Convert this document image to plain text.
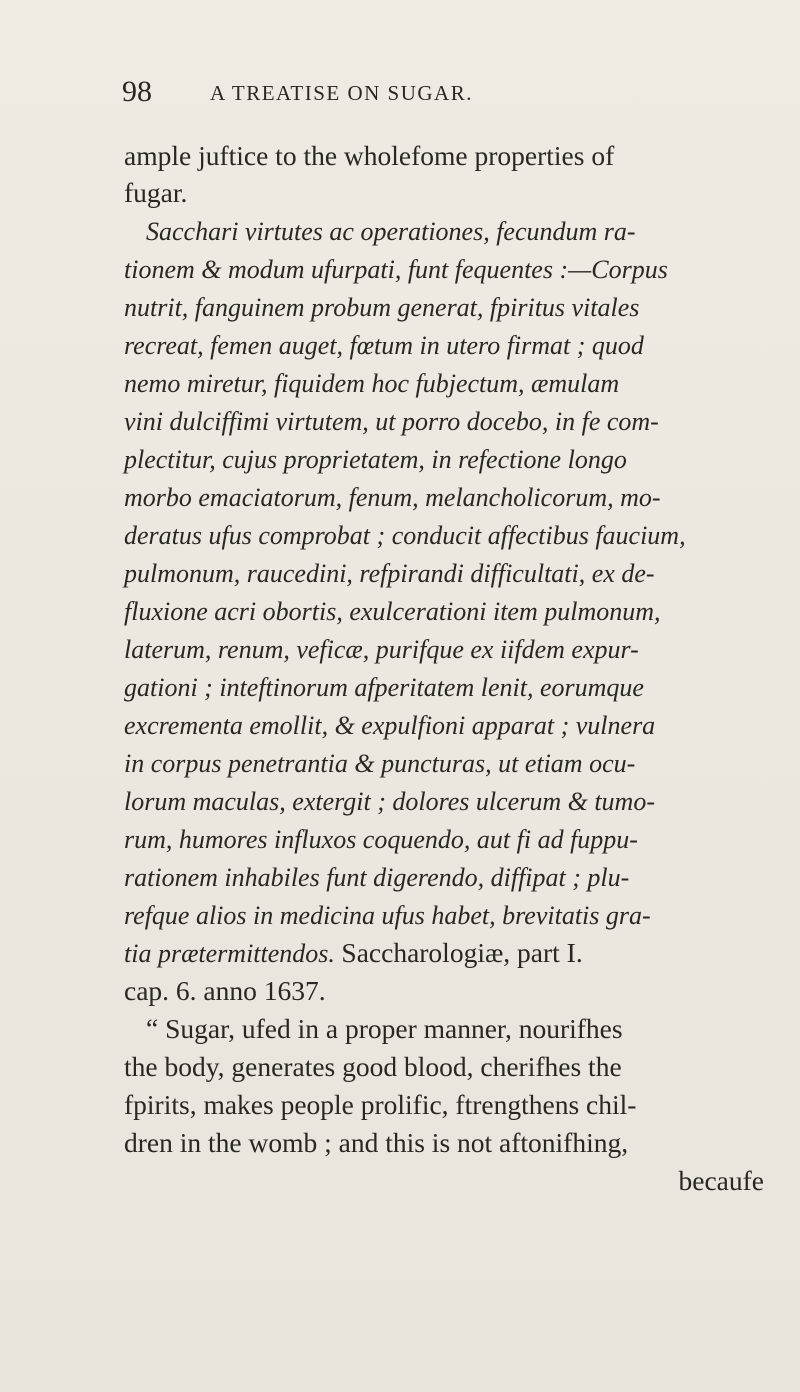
98	A TREATISE ON SUGAR.
ample juftice to the wholefome properties of
fugar.
Sacchari virtutes ac operationes, fecundum ra-
tionem & modum ufurpati, funt fequentes :—Corpus
nutrit, fanguinem probum generat, fpiritus vitales
recreat, femen auget, fœtum in utero firmat ; quod
nemo miretur, fiquidem hoc fubjectum, æmulam
vini dulciffimi virtutem, ut porro docebo, in fe com-
plectitur, cujus proprietatem, in refectione longo
morbo emaciatorum, fenum, melancholicorum, mo-
deratus ufus comprobat ; conducit affectibus faucium,
pulmonum, raucedini, refpirandi difficultati, ex de-
fluxione acri obortis, exulcerationi item pulmonum,
laterum, renum, veficæ, purifque ex iifdem expur-
gationi ; inteftinorum afperitatem lenit, eorumque
excrementa emollit, & expulfioni apparat ; vulnera
in corpus penetrantia & puncturas, ut etiam ocu-
lorum maculas, extergit ; dolores ulcerum & tumo-
rum, humores influxos coquendo, aut fi ad fuppu-
rationem inhabiles funt digerendo, diffipat ; plu-
refque alios in medicina ufus habet, brevitatis gra-
tia prætermittendos. Saccharologiæ, part I.
cap. 6. anno 1637.
“ Sugar, ufed in a proper manner, nourifhes
the body, generates good blood, cherifhes the
fpirits, makes people prolific, ftrengthens chil-
dren in the womb ; and this is not aftonifhing,
becaufe
